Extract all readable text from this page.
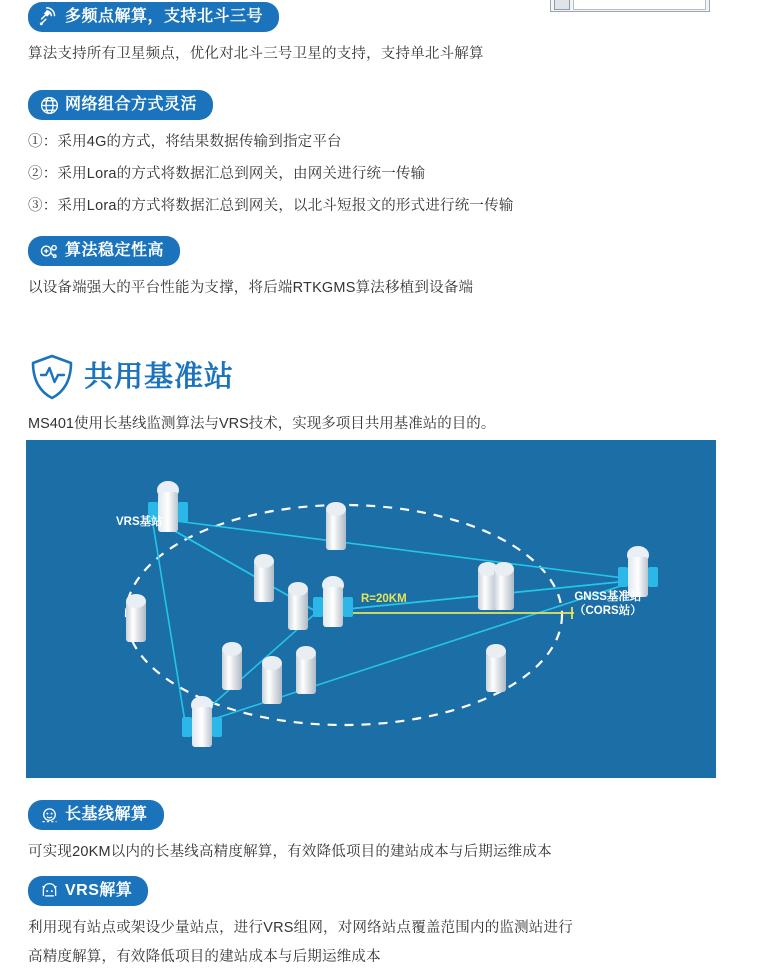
多频点解算，支持北斗三号
算法支持所有卫星频点，优化对北斗三号卫星的支持，支持单北斗解算
网络组合方式灵活
①：采用4G的方式，将结果数据传输到指定平台
②：采用Lora的方式将数据汇总到网关，由网关进行统一传输
③：采用Lora的方式将数据汇总到网关，以北斗短报文的形式进行统一传输
算法稳定性高
以设备端强大的平台性能为支撑，将后端RTKGMS算法移植到设备端
共用基准站
MS401使用长基线监测算法与VRS技术，实现多项目共用基准站的目的。
VRS基站
R=20KM	GNSS基准站
（CORS站）
长基线解算
可实现20KM以内的长基线高精度解算，有效降低项目的建站成本与后期运维成本
VRS解算
利用现有站点或架设少量站点，进行VRS组网，对网络站点覆盖范围内的监测站进行
高精度解算，有效降低项目的建站成本与后期运维成本
